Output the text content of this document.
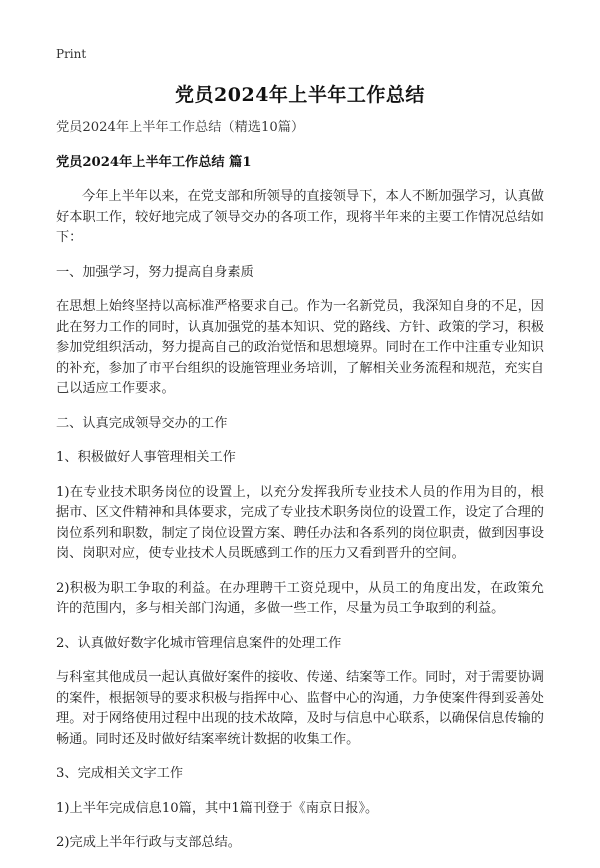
Print
党员2024年上半年工作总结

党员2024年上半年工作总结（精选10篇）

党员2024年上半年工作总结 篇1

今年上半年以来，在党支部和所领导的直接领导下，本人不断加强学习，认真做好本职工作，较好地完成了领导交办的各项工作，现将半年来的主要工作情况总结如下：

一、加强学习，努力提高自身素质

在思想上始终坚持以高标准严格要求自己。作为一名新党员，我深知自身的不足，因此在努力工作的同时，认真加强党的基本知识、党的路线、方针、政策的学习，积极参加党组织活动，努力提高自己的政治觉悟和思想境界。同时在工作中注重专业知识的补充，参加了市平台组织的设施管理业务培训，了解相关业务流程和规范，充实自己以适应工作要求。

二、认真完成领导交办的工作

1、积极做好人事管理相关工作

1)在专业技术职务岗位的设置上，以充分发挥我所专业技术人员的作用为目的，根据市、区文件精神和具体要求，完成了专业技术职务岗位的设置工作，设定了合理的岗位系列和职数，制定了岗位设置方案、聘任办法和各系列的岗位职责，做到因事设岗、岗职对应，使专业技术人员既感到工作的压力又看到晋升的空间。

2)积极为职工争取的利益。在办理聘干工资兑现中，从员工的角度出发，在政策允许的范围内，多与相关部门沟通，多做一些工作，尽量为员工争取到的利益。

2、认真做好数字化城市管理信息案件的处理工作

与科室其他成员一起认真做好案件的接收、传递、结案等工作。同时，对于需要协调的案件，根据领导的要求积极与指挥中心、监督中心的沟通，力争使案件得到妥善处理。对于网络使用过程中出现的技术故障，及时与信息中心联系，以确保信息传输的畅通。同时还及时做好结案率统计数据的收集工作。

3、完成相关文字工作

1)上半年完成信息10篇，其中1篇刊登于《南京日报》。

2)完成上半年行政与支部总结。
